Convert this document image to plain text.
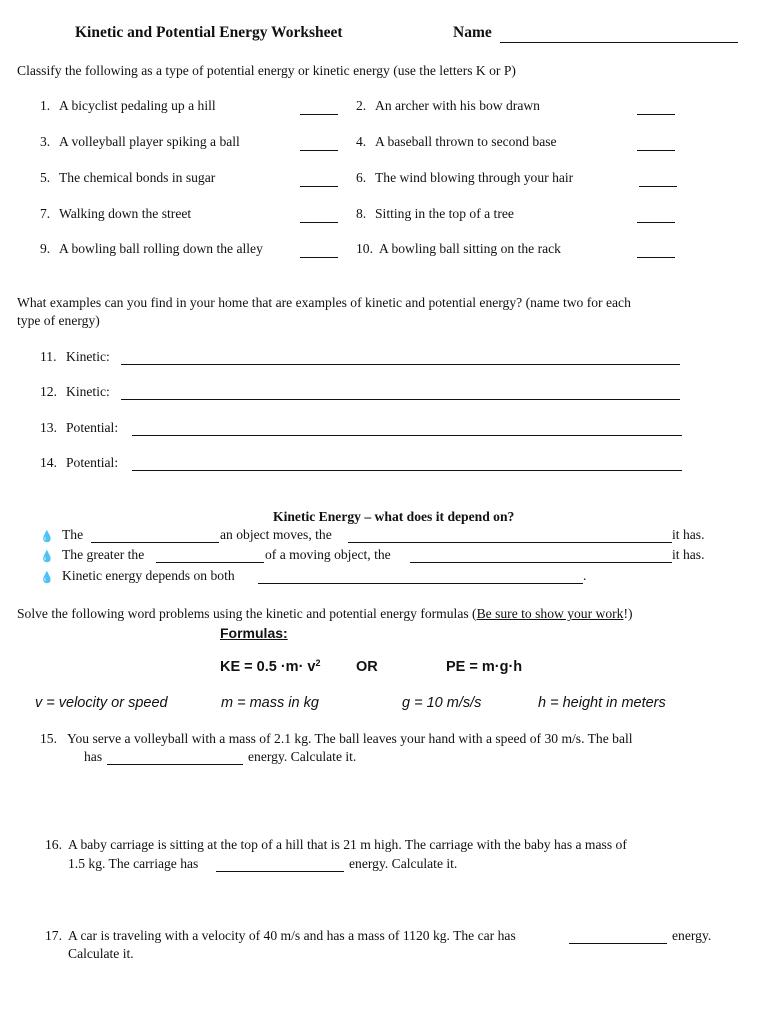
Kinetic and Potential Energy Worksheet	Name
Classify the following as a type of potential energy or kinetic energy (use the letters K or P)
1. A bicyclist pedaling up a hill	2. An archer with his bow drawn
3. A volleyball player spiking a ball	4. A baseball thrown to second base
5. The chemical bonds in sugar	6. The wind blowing through your hair
7. Walking down the street	8. Sitting in the top of a tree
9. A bowling ball rolling down the alley	10. A bowling ball sitting on the rack
What examples can you find in your home that are examples of kinetic and potential energy? (name two for each
type of energy)
11. Kinetic:
12. Kinetic:
13. Potential:
14. Potential:
Kinetic Energy – what does it depend on?
💧 The	an object moves, the	it has.
💧 The greater the	of a moving object, the	it has.
💧 Kinetic energy depends on both	.
Solve the following word problems using the kinetic and potential energy formulas (Be sure to show your work!)
Formulas:
KE = $0.5 \cdot m\cdot v^2$ OR	PE = m·g·h
v = velocity or speed	m = mass in kg	g = 10 m/s/s	h = height in meters
15. You serve a volleyball with a mass of 2.1 kg. The ball leaves your hand with a speed of 30 m/s. The ball
has	energy. Calculate it.
16. A baby carriage is sitting at the top of a hill that is 21 m high. The carriage with the baby has a mass of
1.5 kg. The carriage has	energy. Calculate it.
17. A car is traveling with a velocity of 40 m/s and has a mass of 1120 kg. The car has	energy.
Calculate it.
